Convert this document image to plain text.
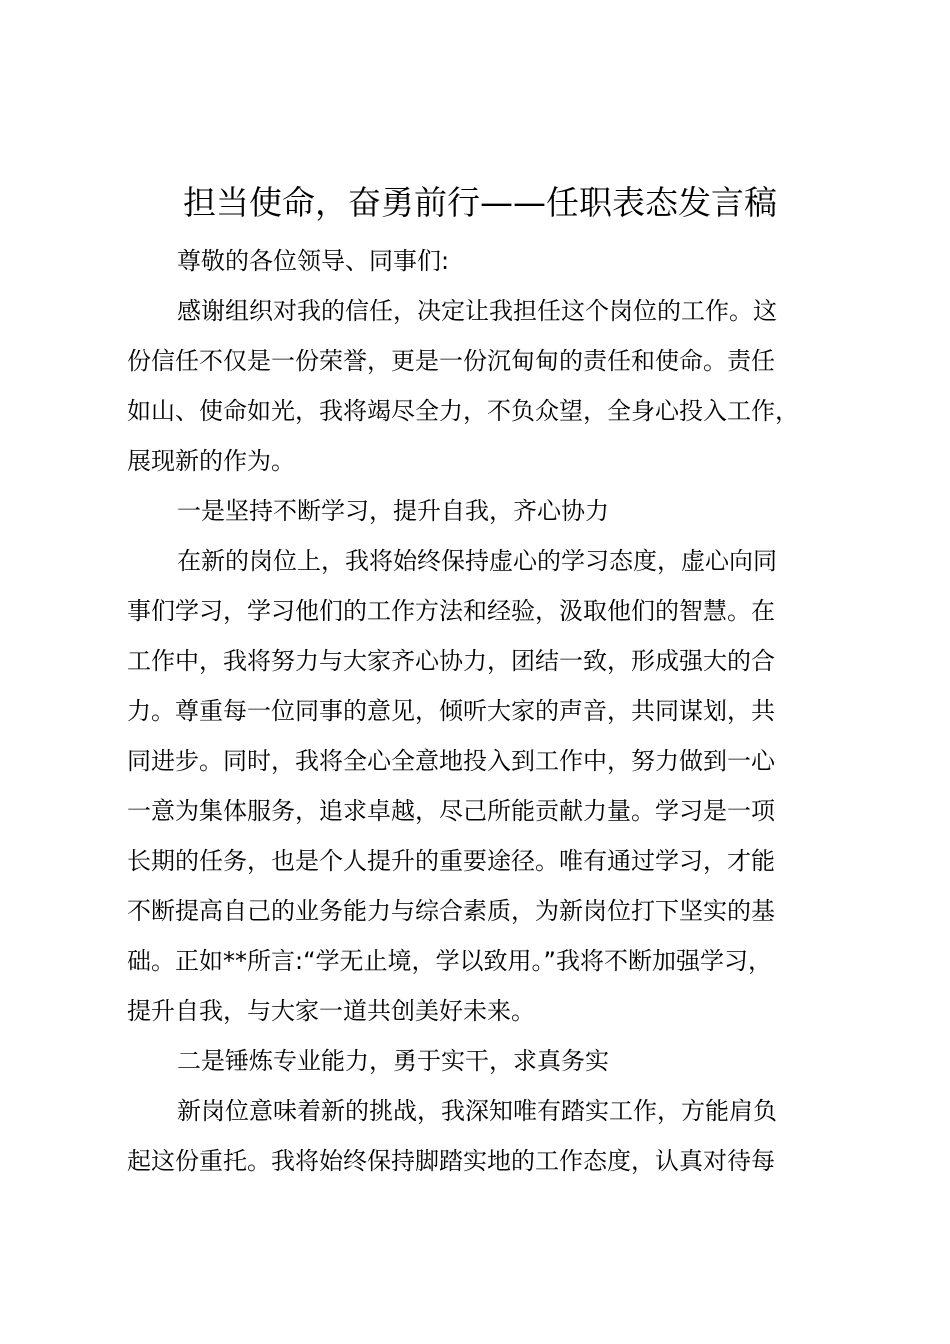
担当使命，奋勇前行——任职表态发言稿
尊敬的各位领导、同事们:
感谢组织对我的信任，决定让我担任这个岗位的工作。这
份信任不仅是一份荣誉，更是一份沉甸甸的责任和使命。责任
如山、使命如光，我将竭尽全力，不负众望，全身心投入工作，
展现新的作为。
一是坚持不断学习，提升自我，齐心协力
在新的岗位上，我将始终保持虚心的学习态度，虚心向同
事们学习，学习他们的工作方法和经验，汲取他们的智慧。在
工作中，我将努力与大家齐心协力，团结一致，形成强大的合
力。尊重每一位同事的意见，倾听大家的声音，共同谋划，共
同进步。同时，我将全心全意地投入到工作中，努力做到一心
一意为集体服务，追求卓越，尽己所能贡献力量。学习是一项
长期的任务，也是个人提升的重要途径。唯有通过学习，才能
不断提高自己的业务能力与综合素质，为新岗位打下坚实的基
础。正如**所言:“学无止境，学以致用。”我将不断加强学习，
提升自我，与大家一道共创美好未来。
二是锤炼专业能力，勇于实干，求真务实
新岗位意味着新的挑战，我深知唯有踏实工作，方能肩负
起这份重托。我将始终保持脚踏实地的工作态度，认真对待每
